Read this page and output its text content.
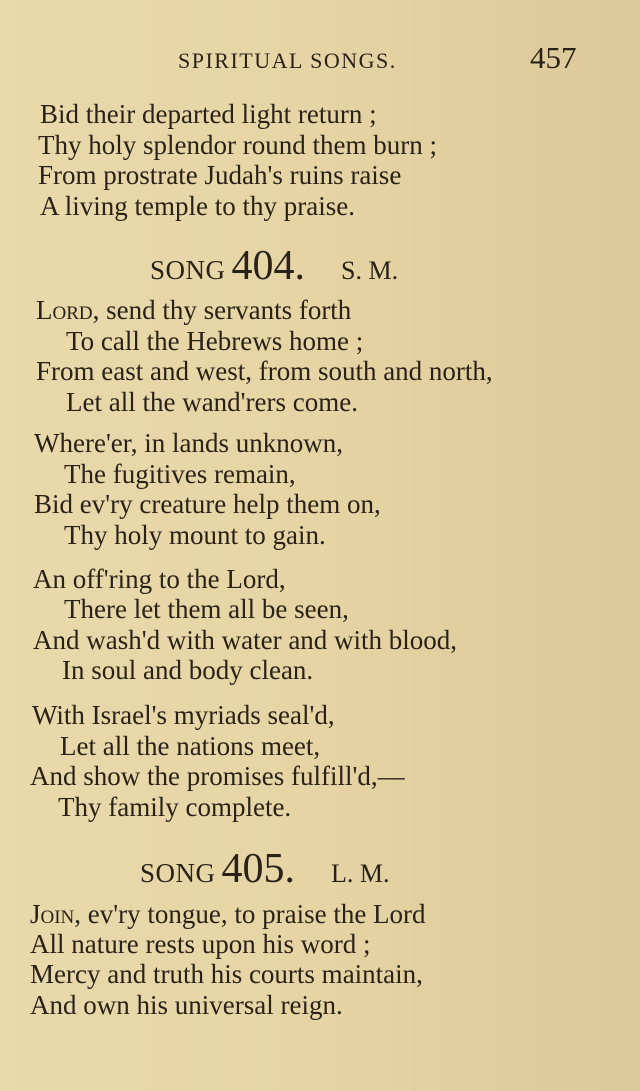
SPIRITUAL SONGS.	457
Bid their departed light return ;
Thy holy splendor round them burn ;
From prostrate Judah's ruins raise
A living temple to thy praise.
SONG 404. S. M.
Lord, send thy servants forth
To call the Hebrews home ;
From east and west, from south and north,
Let all the wand'rers come.
Where'er, in lands unknown,
The fugitives remain,
Bid ev'ry creature help them on,
Thy holy mount to gain.
An off'ring to the Lord,
There let them all be seen,
And wash'd with water and with blood,
In soul and body clean.
With Israel's myriads seal'd,
Let all the nations meet,
And show the promises fulfill'd,—
Thy family complete.
SONG 405. L. M.
Join, ev'ry tongue, to praise the Lord
All nature rests upon his word ;
Mercy and truth his courts maintain,
And own his universal reign.
